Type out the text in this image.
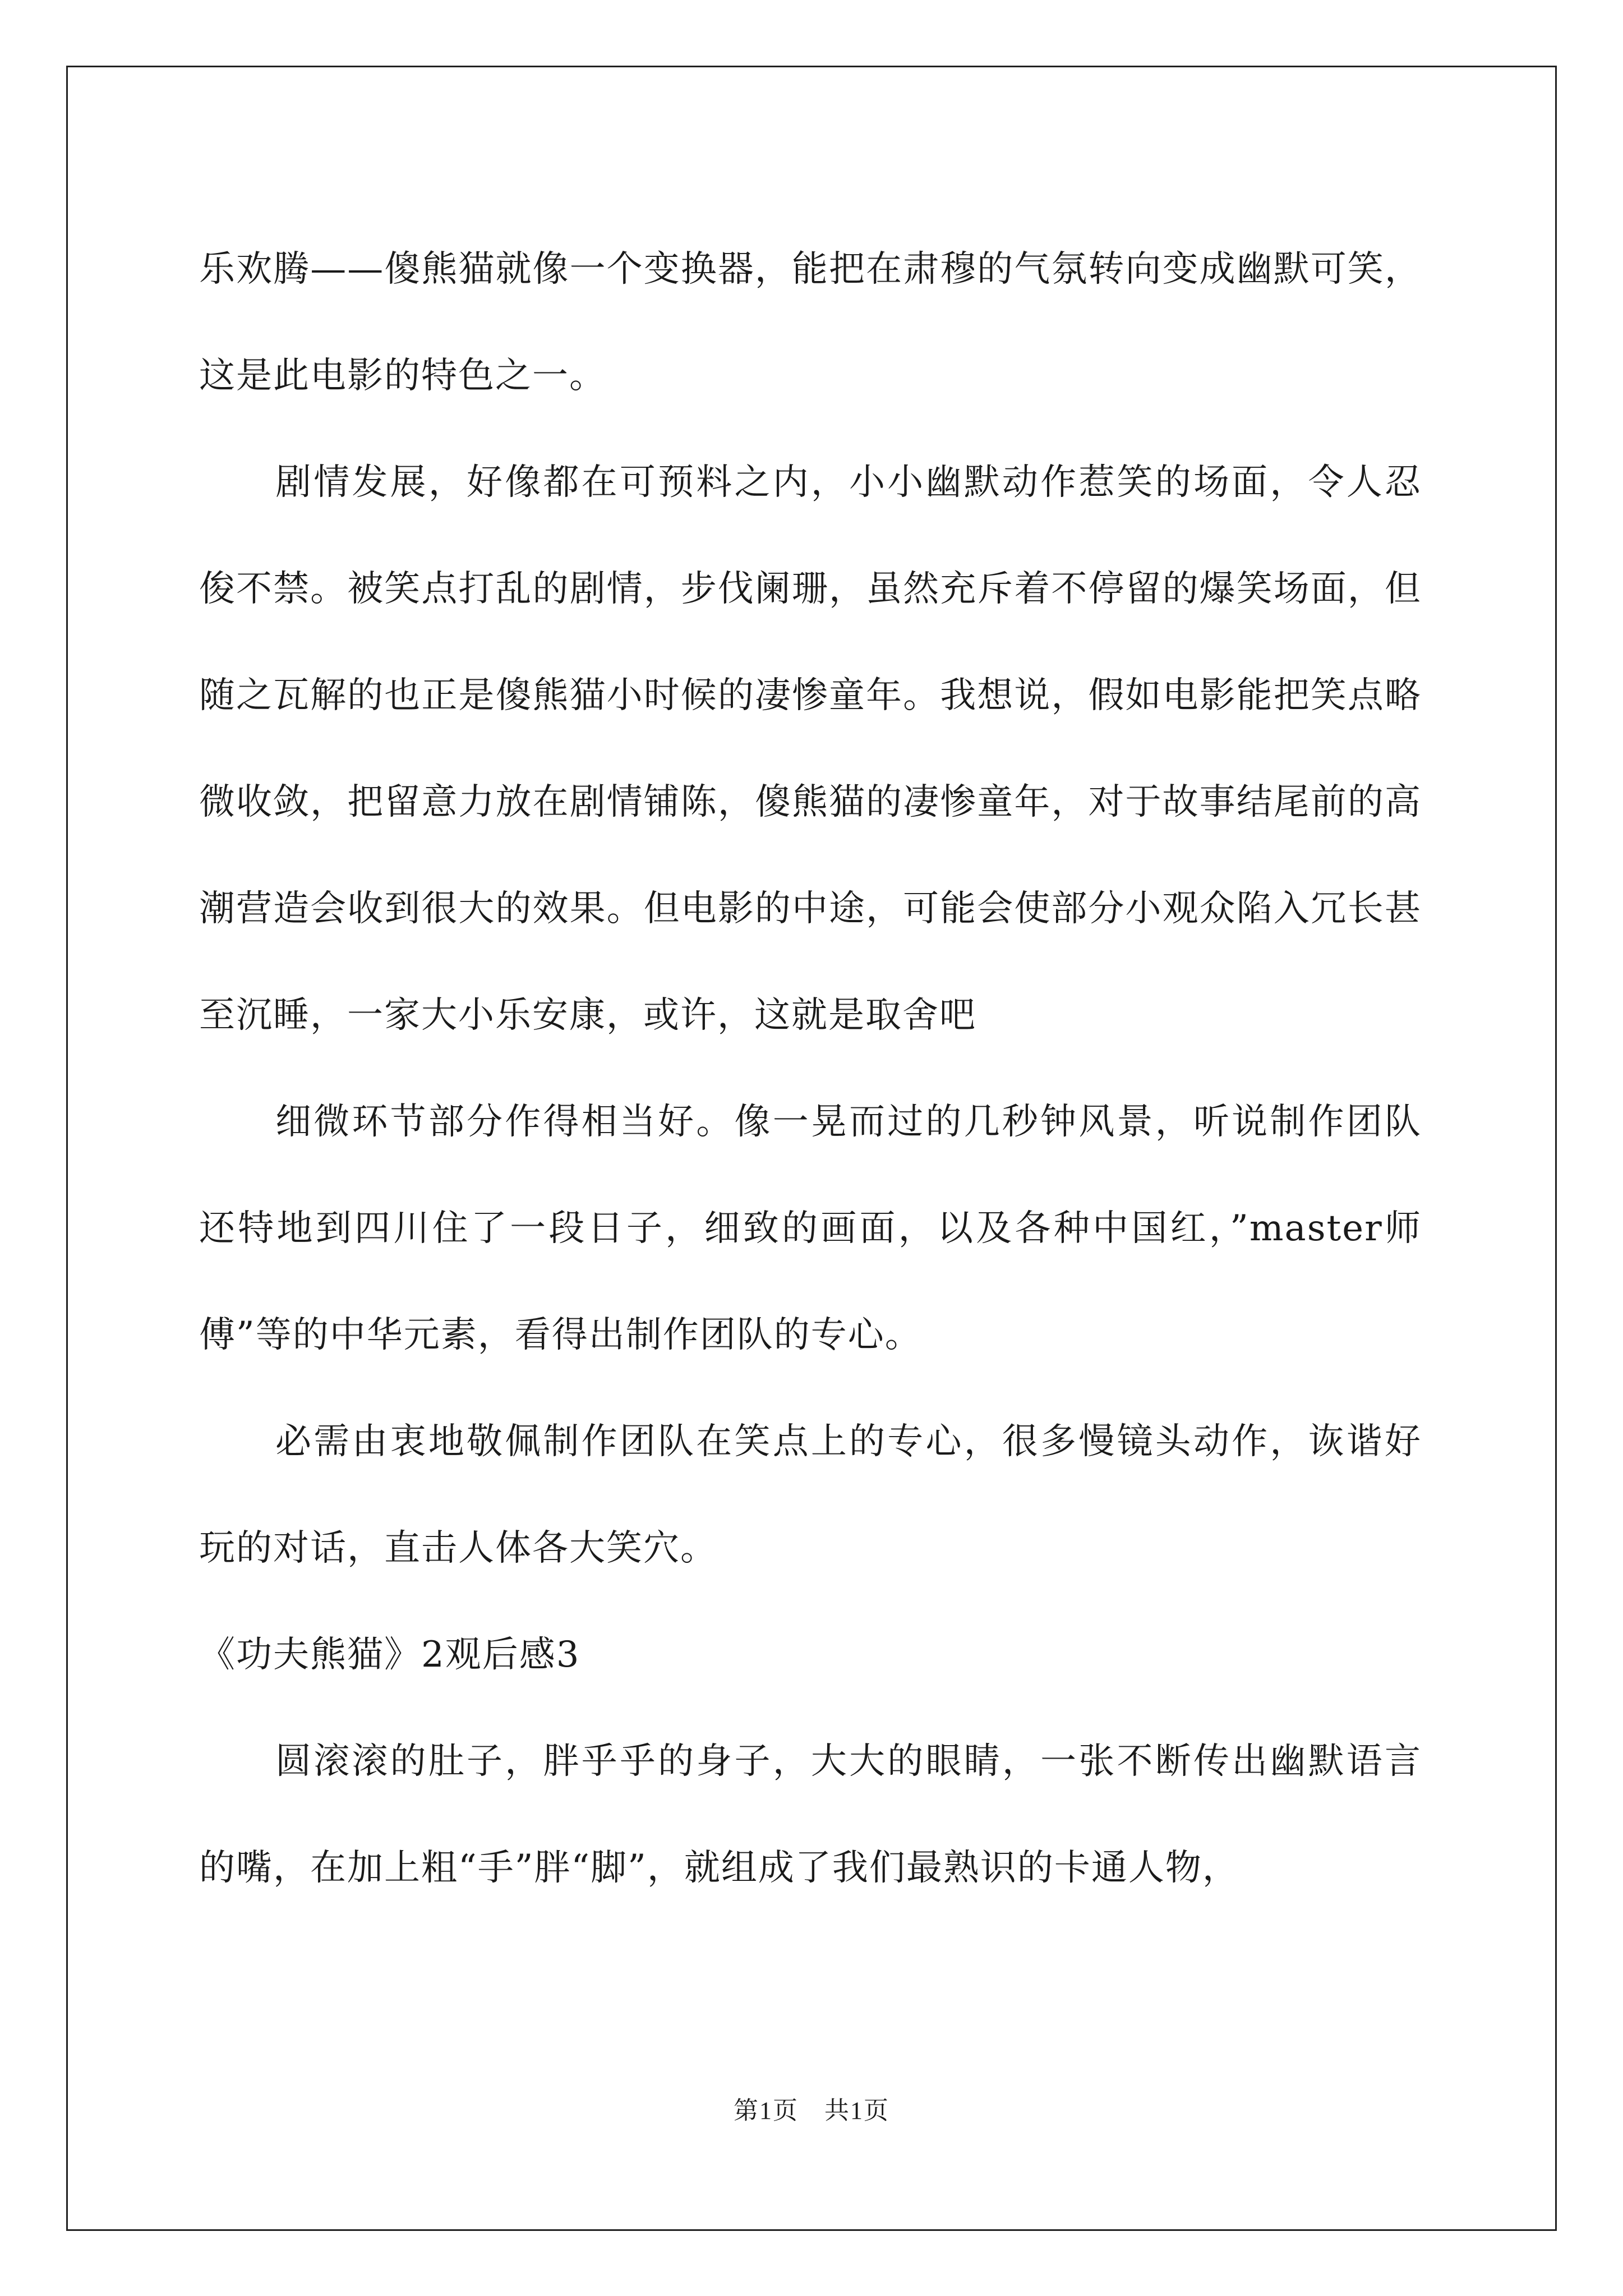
乐欢腾——傻熊猫就像一个变换器，能把在肃穆的气氛转向变成幽默可笑，这是此电影的特色之一。

剧情发展，好像都在可预料之内，小小幽默动作惹笑的场面，令人忍俊不禁。被笑点打乱的剧情，步伐阑珊，虽然充斥着不停留的爆笑场面，但随之瓦解的也正是傻熊猫小时候的凄惨童年。我想说，假如电影能把笑点略微收敛，把留意力放在剧情铺陈，傻熊猫的凄惨童年，对于故事结尾前的高潮营造会收到很大的效果。但电影的中途，可能会使部分小观众陷入冗长甚至沉睡，一家大小乐安康，或许，这就是取舍吧

细微环节部分作得相当好。像一晃而过的几秒钟风景，听说制作团队还特地到四川住了一段日子，细致的画面，以及各种中国红，”master师傅”等的中华元素，看得出制作团队的专心。

必需由衷地敬佩制作团队在笑点上的专心，很多慢镜头动作，诙谐好玩的对话，直击人体各大笑穴。

《功夫熊猫》2观后感3

圆滚滚的肚子，胖乎乎的身子，大大的眼睛，一张不断传出幽默语言的嘴，在加上粗“手”胖“脚”，就组成了我们最熟识的卡通人物，

第1页　共1页
